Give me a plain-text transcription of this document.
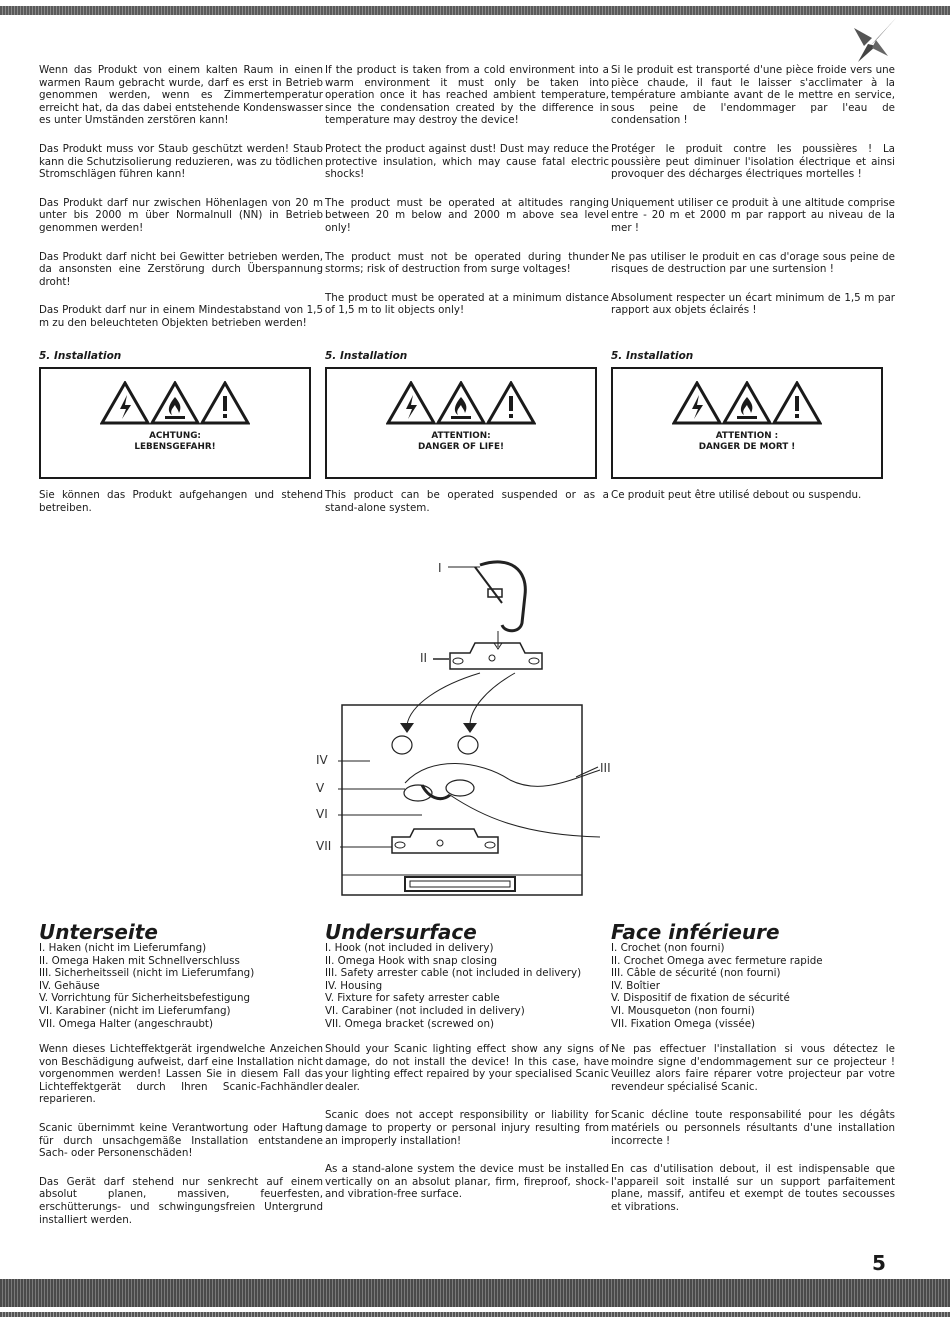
Wenn das Produkt von einem kalten Raum in einen warmen Raum gebracht wurde, darf es erst in Betrieb genommen werden, wenn es Zimmertemperatur erreicht hat, da das dabei entstehende Kondenswasser es unter Umständen zerstören kann!

Das Produkt muss vor Staub geschützt werden! Staub kann die Schutzisolierung reduzieren, was zu tödlichen Stromschlägen führen kann!

Das Produkt darf nur zwischen Höhenlagen von 20 m unter bis 2000 m über Normalnull (NN) in Betrieb genommen werden!

Das Produkt darf nicht bei Gewitter betrieben werden, da ansonsten eine Zerstörung durch Überspannung droht!

Das Produkt darf nur in einem Mindestabstand von 1,5 m zu den beleuchteten Objekten betrieben werden!

If the product is taken from a cold environment into a warm environment it must only be taken into operation once it has reached ambient temperature, since the condensation created by the difference in temperature may destroy the device!

Protect the product against dust! Dust may reduce the protective insulation, which may cause fatal electric shocks!

The product must be operated at altitudes ranging between 20 m below and 2000 m above sea level only!

The product must not be operated during thunder storms; risk of destruction from surge voltages!

The product must be operated at a minimum distance of 1,5 m to lit objects only!

Si le produit est transporté d'une pièce froide vers une pièce chaude, il faut le laisser s'acclimater à la température ambiante avant de le mettre en service, sous peine de l'endommager par l'eau de condensation !

Protéger le produit contre les poussières ! La poussière peut diminuer l'isolation électrique et ainsi provoquer des décharges électriques mortelles !

Uniquement utiliser ce produit à une altitude comprise entre - 20 m et 2000 m par rapport au niveau de la mer !

Ne pas utiliser le produit en cas d'orage sous peine de risques de destruction par une surtension !

Absolument respecter un écart minimum de 1,5 m par rapport aux objets éclairés !

5. Installation	5. Installation	5. Installation
ACHTUNG:
LEBENSGEFAHR!
ATTENTION:
DANGER OF LIFE!
ATTENTION :
DANGER DE MORT !

Sie können das Produkt aufgehangen und stehend betreiben.

This product can be operated suspended or as a stand-alone system.

Ce produit peut être utilisé debout ou suspendu.

I
II
III
IV
V
VI
VII
Unterseite	Undersurface	Face inférieure
I. Haken (nicht im Lieferumfang)
II. Omega Haken mit Schnellverschluss
III. Sicherheitsseil (nicht im Lieferumfang)
IV. Gehäuse
V. Vorrichtung für Sicherheitsbefestigung
VI. Karabiner (nicht im Lieferumfang)
VII. Omega Halter (angeschraubt)
I. Hook (not included in delivery)
II. Omega Hook with snap closing
III. Safety arrester cable (not included in delivery)
IV. Housing
V. Fixture for safety arrester cable
VI. Carabiner (not included in delivery)
VII. Omega bracket (screwed on)
I. Crochet (non fourni)
II. Crochet Omega avec fermeture rapide
III. Câble de sécurité (non fourni)
IV. Boîtier
V. Dispositif de fixation de sécurité
VI. Mousqueton (non fourni)
VII. Fixation Omega (vissée)

Wenn dieses Lichteffektgerät irgendwelche Anzeichen von Beschädigung aufweist, darf eine Installation nicht vorgenommen werden! Lassen Sie in diesem Fall das Lichteffektgerät durch Ihren Scanic-Fachhändler reparieren.

Scanic übernimmt keine Verantwortung oder Haftung für durch unsachgemäße Installation entstandene Sach- oder Personenschäden!

Das Gerät darf stehend nur senkrecht auf einem absolut planen, massiven, feuerfesten, erschütterungs- und schwingungsfreien Untergrund installiert werden.

Should your Scanic lighting effect show any signs of damage, do not install the device! In this case, have your lighting effect repaired by your specialised Scanic dealer.

Scanic does not accept responsibility or liability for damage to property or personal injury resulting from an improperly installation!

As a stand-alone system the device must be installed vertically on an absolut planar, firm, fireproof, shock- and vibration-free surface.

Ne pas effectuer l'installation si vous détectez le moindre signe d'endommagement sur ce projecteur ! Veuillez alors faire réparer votre projecteur par votre revendeur spécialisé Scanic.

Scanic décline toute responsabilité pour les dégâts matériels ou personnels résultants d'une installation incorrecte !

En cas d'utilisation debout, il est indispensable que l'appareil soit installé sur un support parfaitement plane, massif, antifeu et exempt de toutes secousses et vibrations.

5
